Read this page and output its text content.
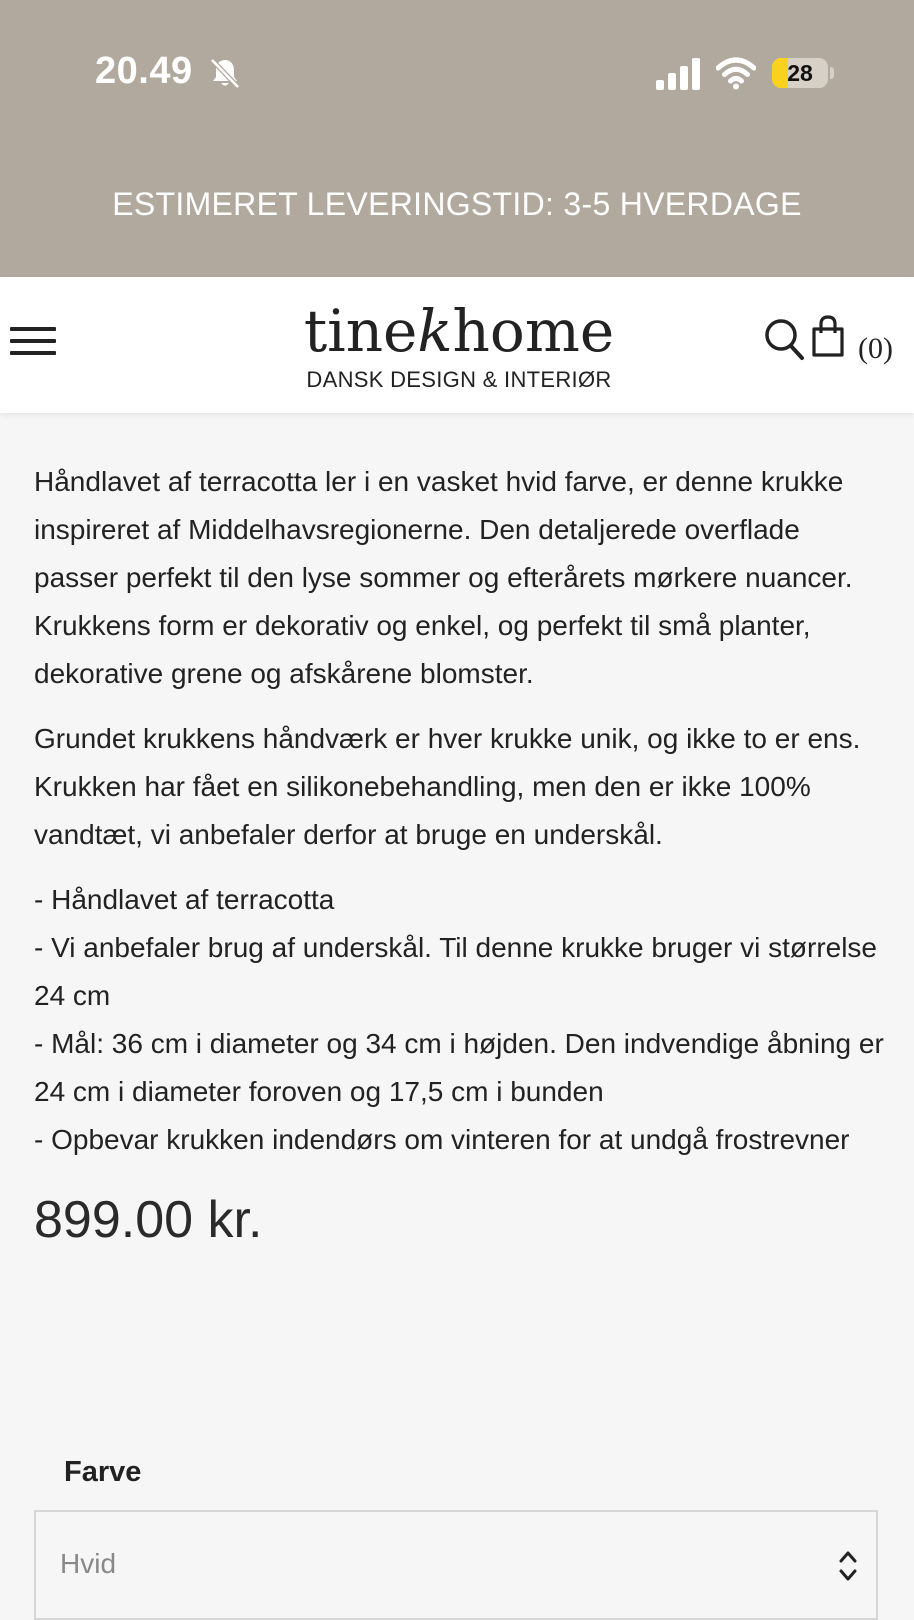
20.49	28
ESTIMERET LEVERINGSTID: 3-5 HVERDAGE
tinekhome
DANSK DESIGN & INTERIØR
(0)

Håndlavet af terracotta ler i en vasket hvid farve, er denne krukke inspireret af Middelhavsregionerne. Den detaljerede overflade passer perfekt til den lyse sommer og efterårets mørkere nuancer. Krukkens form er dekorativ og enkel, og perfekt til små planter, dekorative grene og afskårene blomster.

Grundet krukkens håndværk er hver krukke unik, og ikke to er ens. Krukken har fået en silikonebehandling, men den er ikke 100% vandtæt, vi anbefaler derfor at bruge en underskål.

- Håndlavet af terracotta
- Vi anbefaler brug af underskål. Til denne krukke bruger vi størrelse 24 cm
- Mål: 36 cm i diameter og 34 cm i højden. Den indvendige åbning er 24 cm i diameter foroven og 17,5 cm i bunden
- Opbevar krukken indendørs om vinteren for at undgå frostrevner

899.00 kr.
Farve
Hvid
